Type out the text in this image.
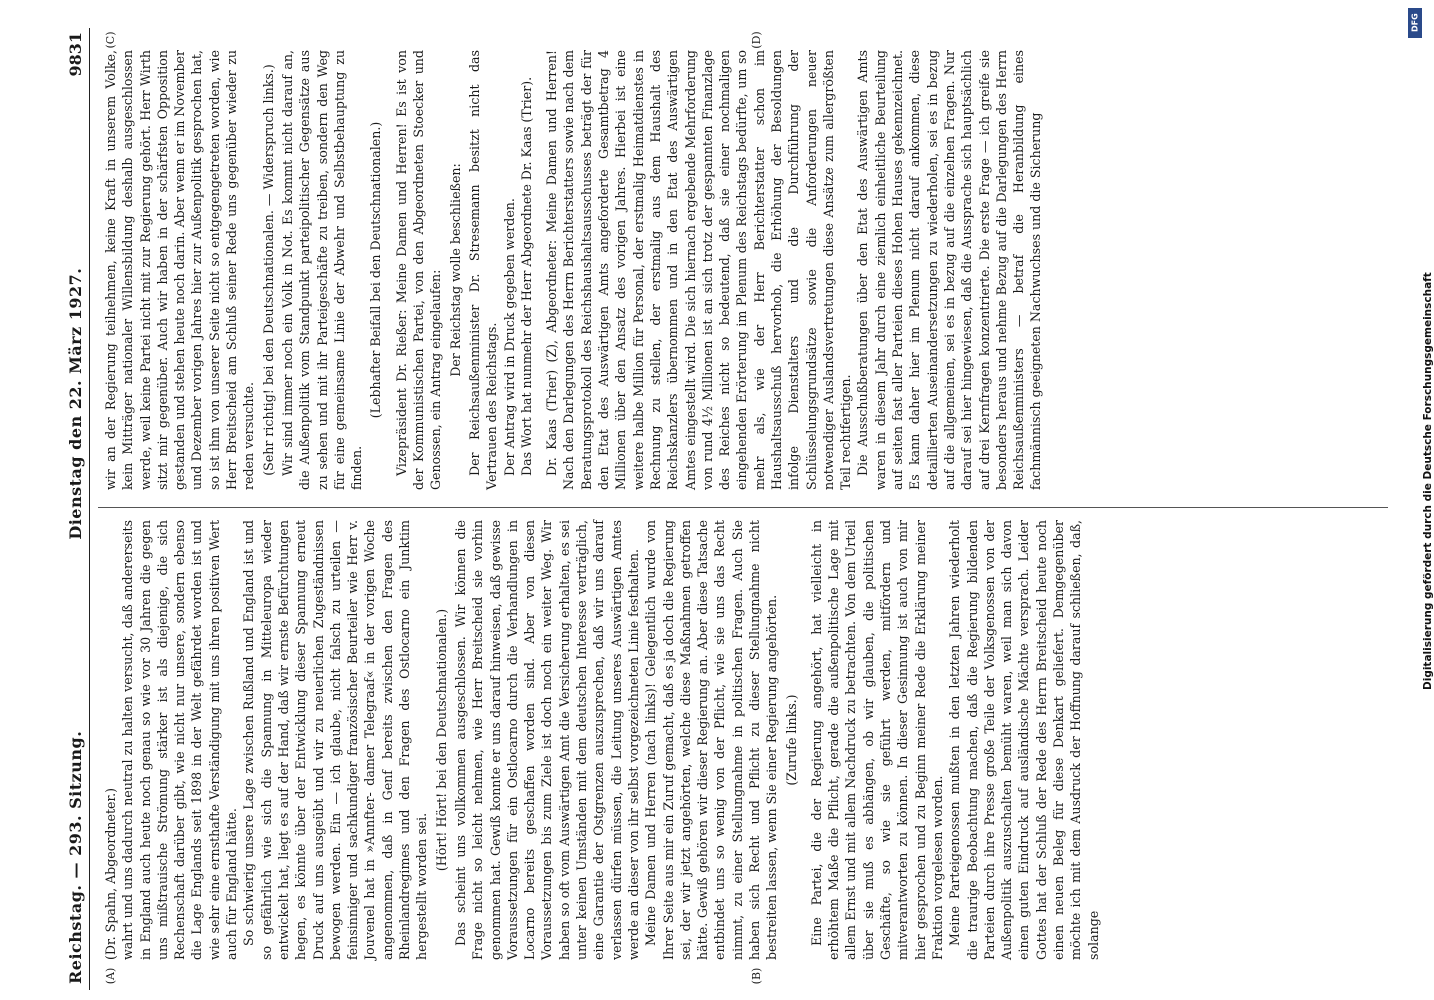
Reichstag. — 293. Sitzung.
Dienstag den 22. März 1927.
9831
(A)	(B)
(C)	(D)

(Dr. Spahn, Abgeordneter.) wahrt und uns dadurch neutral zu halten versucht, daß andererseits in England auch heute noch genau so wie vor 30 Jahren die gegen uns mißtrauische Strömung stärker ist als diejenige, die sich Rechenschaft darüber gibt, wie nicht nur unsere, sondern ebenso die Lage Englands seit 1898 in der Welt gefährdet worden ist und wie sehr eine ernsthafte Verständigung mit uns ihren positiven Wert auch für England hätte. So schwierig unsere Lage zwischen Rußland und England ist und so gefährlich wie sich die Spannung in Mitteleuropa wieder entwickelt hat, liegt es auf der Hand, daß wir ernste Befürchtungen hegen, es könnte über der Entwicklung dieser Spannung erneut Druck auf uns ausgeübt und wir zu neuerlichen Zugeständnissen bewogen werden. Ein — ich glaube, nicht falsch zu urteilen — feinsinniger und sachkundiger französischer Beurteiler wie Herr v. Jouvenel hat in »Annfter- damer Telegraaf« in der vorigen Woche angenommen, daß in Genf bereits zwischen den Fragen des Rheinlandregimes und den Fragen des Ostlocarno ein Junktim hergestellt worden sei.

(Hört! Hört! bei den Deutschnationalen.) Das scheint uns vollkommen ausgeschlossen. Wir können die Frage nicht so leicht nehmen, wie Herr Breitscheid sie vorhin genommen hat. Gewiß konnte er uns darauf hinweisen, daß gewisse Voraussetzungen für ein Ostlocarno durch die Verhandlungen in Locarno bereits geschaffen worden sind. Aber von diesen Voraussetzungen bis zum Ziele ist doch noch ein weiter Weg. Wir haben so oft vom Auswärtigen Amt die Versicherung erhalten, es sei unter keinen Umständen mit dem deutschen Interesse verträglich, eine Garantie der Ostgrenzen auszusprechen, daß wir uns darauf verlassen dürfen müssen, die Leitung unseres Auswärtigen Amtes werde an dieser von ihr selbst vorgezeichneten Linie festhalten. Meine Damen und Herren (nach links)! Gelegentlich wurde von Ihrer Seite aus mir ein Zuruf gemacht, daß es ja doch die Regierung sei, der wir jetzt angehörten, welche diese Maßnahmen getroffen hätte. Gewiß gehören wir dieser Regierung an. Aber diese Tatsache entbindet uns so wenig von der Pflicht, wie sie uns das Recht nimmt, zu einer Stellungnahme in politischen Fragen. Auch Sie haben sich Recht und Pflicht zu dieser Stellungnahme nicht bestreiten lassen, wenn Sie einer Regierung angehörten. (Zurufe links.) Eine Partei, die der Regierung angehört, hat vielleicht in erhöhtem Maße die Pflicht, gerade die außenpolitische Lage mit allem Ernst und mit allem Nachdruck zu betrachten. Von dem Urteil über sie muß es abhängen, ob wir glauben, die politischen Geschäfte, so wie sie geführt werden, mitfördern und mitverantworten zu können. In dieser Gesinnung ist auch von mir hier gesprochen und zu Beginn meiner Rede die Erklärung meiner Fraktion vorgelesen worden. Meine Parteigenossen mußten in den letzten Jahren wiederholt die traurige Beobachtung machen, daß die Regierung bildenden Parteien durch ihre Presse große Teile der Volksgenossen von der Außenpolitik auszuschalten bemüht waren, weil man sich davon einen guten Eindruck auf ausländische Mächte versprach. Leider Gottes hat der Schluß der Rede des Herrn Breitscheid heute noch einen neuen Beleg für diese Denkart geliefert. Demgegenüber möchte ich mit dem Ausdruck der Hoffnung darauf schließen, daß, solange

wir an der Regierung teilnehmen, keine Kraft in unserem Volke, kein Mitträger nationaler Willensbildung deshalb ausgeschlossen werde, weil keine Partei nicht mit zur Regierung gehört. Herr Wirth sitzt mir gegenüber. Auch wir haben in der schärfsten Opposition gestanden und stehen heute noch darin. Aber wenn er im November und Dezember vorigen Jahres hier zur Außenpolitik gesprochen hat, so ist ihm von unserer Seite nicht so entgegengetreten worden, wie Herr Breitscheid am Schluß seiner Rede uns gegenüber wieder zu reden versuchte. (Sehr richtig! bei den Deutschnationalen. — Widerspruch links.) Wir sind immer noch ein Volk in Not. Es kommt nicht darauf an, die Außenpolitik vom Standpunkt parteipolitischer Gegensätze aus zu sehen und mit ihr Parteigeschäfte zu treiben, sondern den Weg für eine gemeinsame Linie der Abwehr und Selbstbehauptung zu finden.

(Lebhafter Beifall bei den Deutschnationalen.) Vizepräsident Dr. Rießer: Meine Damen und Herren! Es ist von der Kommunistischen Partei, von den Abgeordneten Stoecker und Genossen, ein Antrag eingelaufen: Der Reichstag wolle beschließen: Der Reichsaußenminister Dr. Stresemann besitzt nicht das Vertrauen des Reichstags. Der Antrag wird in Druck gegeben werden. Das Wort hat nunmehr der Herr Abgeordnete Dr. Kaas (Trier). Dr. Kaas (Trier) (Z), Abgeordneter: Meine Damen und Herren! Nach den Darlegungen des Herrn Berichterstatters sowie nach dem Beratungsprotokoll des Reichshaushaltsausschusses beträgt der für den Etat des Auswärtigen Amts angeforderte Gesamtbetrag 4 Millionen über den Ansatz des vorigen Jahres. Hierbei ist eine weitere halbe Million für Personal, der erstmalig Heimatdienstes in Rechnung zu stellen, der erstmalig aus dem Haushalt des Reichskanzlers übernommen und in den Etat des Auswärtigen Amtes eingestellt wird. Die sich hiernach ergebende Mehrforderung von rund 4½ Millionen ist an sich trotz der gespannten Finanzlage des Reiches nicht so bedeutend, daß sie einer nochmaligen eingehenden Erörterung im Plenum des Reichstags bedürfte, um so mehr als, wie der Herr Berichterstatter schon im Haushaltsausschuß hervorhob, die Erhöhung der Besoldungen infolge Dienstalters und die Durchführung der Schlüsselungsgrundsätze sowie die Anforderungen neuer notwendiger Auslandsvertretungen diese Ansätze zum allergrößten Teil rechtfertigen. Die Ausschußberatungen über den Etat des Auswärtigen Amts waren in diesem Jahr durch eine ziemlich einheitliche Beurteilung auf seiten fast aller Parteien dieses Hohen Hauses gekennzeichnet. Es kann daher hier im Plenum nicht darauf ankommen, diese detaillierten Auseinandersetzungen zu wiederholen, sei es in bezug auf die allgemeinen, sei es in bezug auf die einzelnen Fragen. Nur darauf sei hier hingewiesen, daß die Aussprache sich hauptsächlich auf drei Kernfragen konzentrierte. Die erste Frage — ich greife sie besonders heraus und nehme Bezug auf die Darlegungen des Herrn Reichsaußenministers — betraf die Heranbildung eines fachmännisch geeigneten Nachwuchses und die Sicherung

DFG
Digitalisierung gefördert durch die Deutsche Forschungsgemeinschaft
